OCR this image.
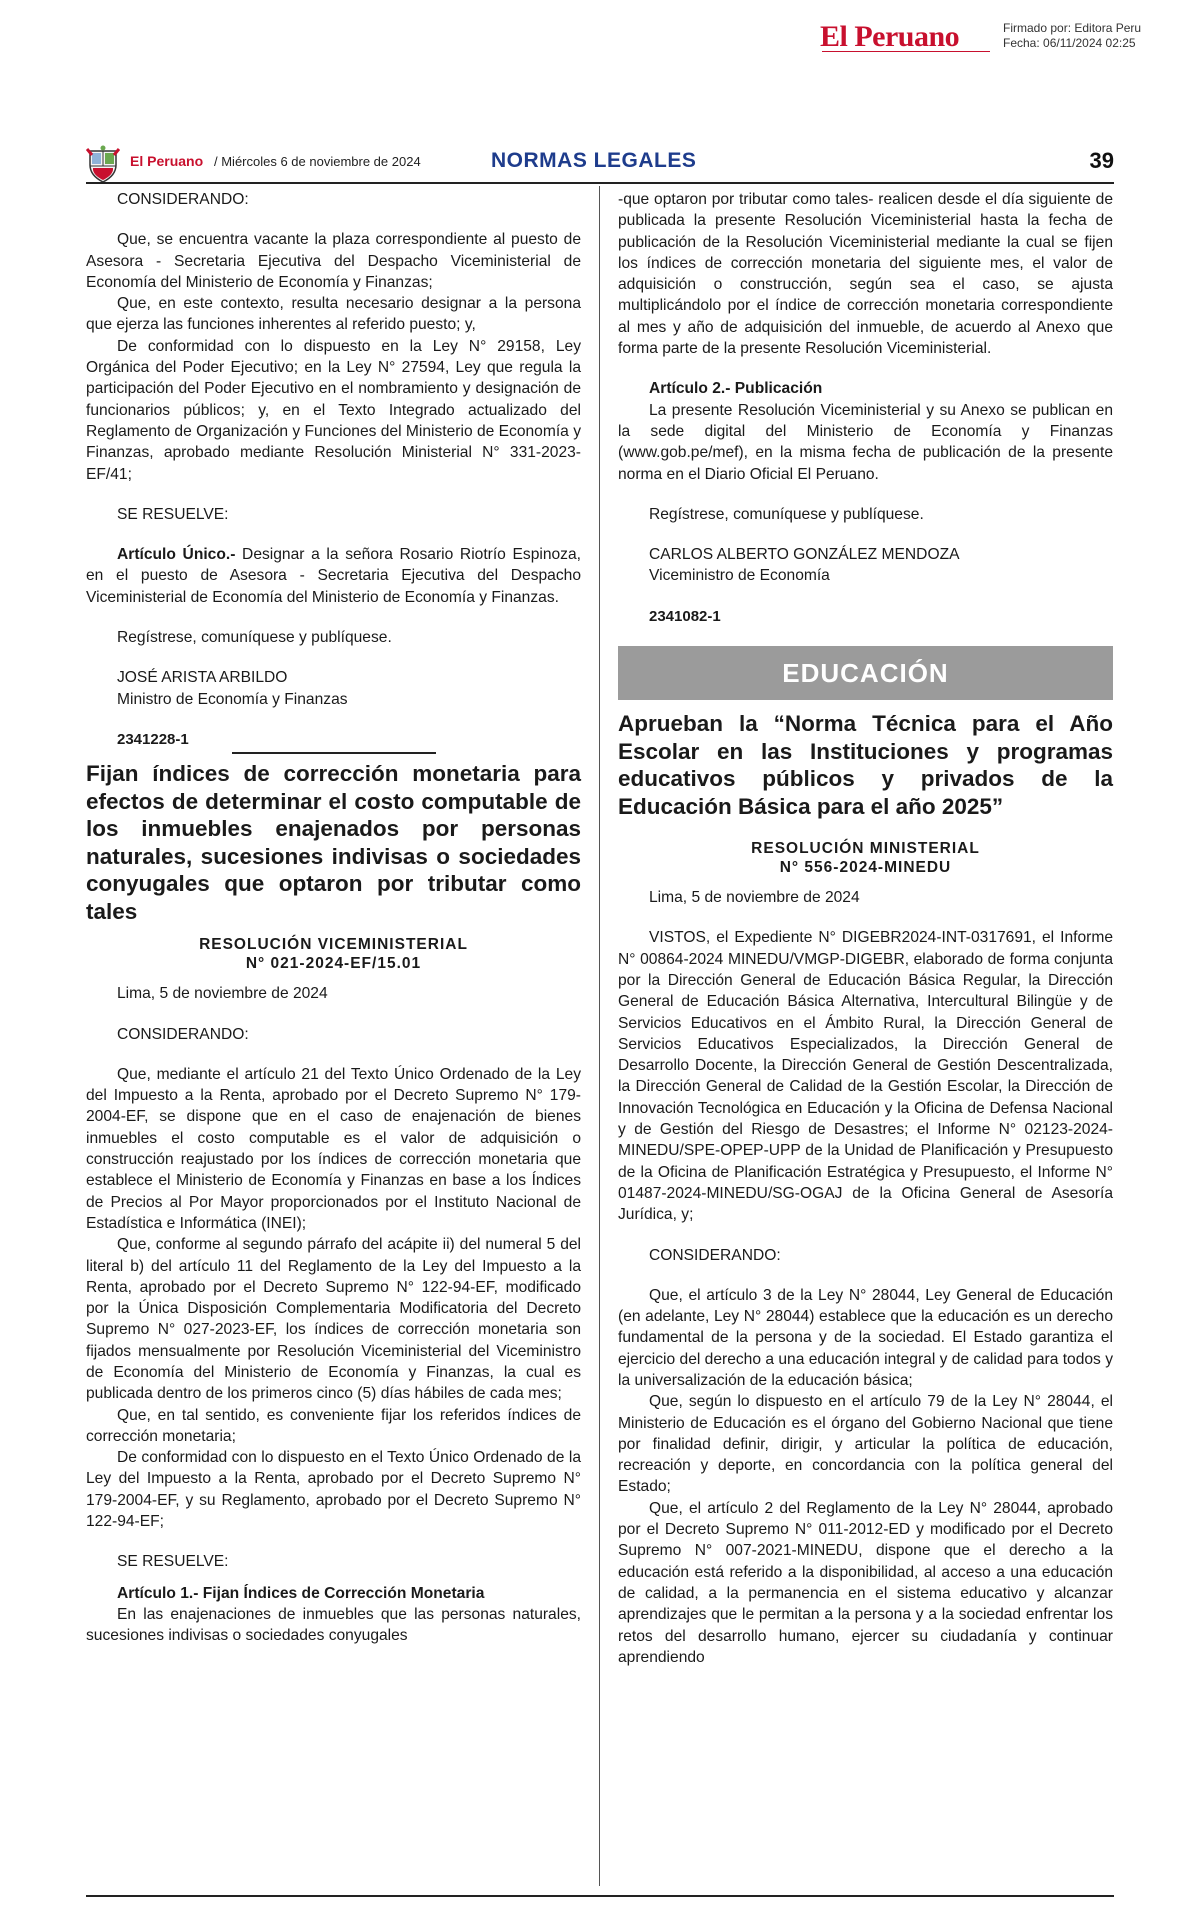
El Peruano	Firmado por: Editora Peru
Fecha: 06/11/2024 02:25
El Peruano / Miércoles 6 de noviembre de 2024	NORMAS LEGALES	39

CONSIDERANDO:

Que, se encuentra vacante la plaza correspondiente al puesto de Asesora - Secretaria Ejecutiva del Despacho Viceministerial de Economía del Ministerio de Economía y Finanzas;

Que, en este contexto, resulta necesario designar a la persona que ejerza las funciones inherentes al referido puesto; y,

De conformidad con lo dispuesto en la Ley N° 29158, Ley Orgánica del Poder Ejecutivo; en la Ley N° 27594, Ley que regula la participación del Poder Ejecutivo en el nombramiento y designación de funcionarios públicos; y, en el Texto Integrado actualizado del Reglamento de Organización y Funciones del Ministerio de Economía y Finanzas, aprobado mediante Resolución Ministerial N° 331-2023-EF/41;

SE RESUELVE:

Artículo Único.- Designar a la señora Rosario Riotrío Espinoza, en el puesto de Asesora - Secretaria Ejecutiva del Despacho Viceministerial de Economía del Ministerio de Economía y Finanzas.

Regístrese, comuníquese y publíquese.

JOSÉ ARISTA ARBILDO

Ministro de Economía y Finanzas

2341228-1

Fijan índices de corrección monetaria para efectos de determinar el costo computable de los inmuebles enajenados por personas naturales, sucesiones indivisas o sociedades conyugales que optaron por tributar como tales

RESOLUCIÓN VICEMINISTERIAL
N° 021-2024-EF/15.01

Lima, 5 de noviembre de 2024

CONSIDERANDO:

Que, mediante el artículo 21 del Texto Único Ordenado de la Ley del Impuesto a la Renta, aprobado por el Decreto Supremo N° 179-2004-EF, se dispone que en el caso de enajenación de bienes inmuebles el costo computable es el valor de adquisición o construcción reajustado por los índices de corrección monetaria que establece el Ministerio de Economía y Finanzas en base a los Índices de Precios al Por Mayor proporcionados por el Instituto Nacional de Estadística e Informática (INEI);

Que, conforme al segundo párrafo del acápite ii) del numeral 5 del literal b) del artículo 11 del Reglamento de la Ley del Impuesto a la Renta, aprobado por el Decreto Supremo N° 122-94-EF, modificado por la Única Disposición Complementaria Modificatoria del Decreto Supremo N° 027-2023-EF, los índices de corrección monetaria son fijados mensualmente por Resolución Viceministerial del Viceministro de Economía del Ministerio de Economía y Finanzas, la cual es publicada dentro de los primeros cinco (5) días hábiles de cada mes;

Que, en tal sentido, es conveniente fijar los referidos índices de corrección monetaria;

De conformidad con lo dispuesto en el Texto Único Ordenado de la Ley del Impuesto a la Renta, aprobado por el Decreto Supremo N° 179-2004-EF, y su Reglamento, aprobado por el Decreto Supremo N° 122-94-EF;

SE RESUELVE:

Artículo 1.- Fijan Índices de Corrección Monetaria

En las enajenaciones de inmuebles que las personas naturales, sucesiones indivisas o sociedades conyugales

-que optaron por tributar como tales- realicen desde el día siguiente de publicada la presente Resolución Viceministerial hasta la fecha de publicación de la Resolución Viceministerial mediante la cual se fijen los índices de corrección monetaria del siguiente mes, el valor de adquisición o construcción, según sea el caso, se ajusta multiplicándolo por el índice de corrección monetaria correspondiente al mes y año de adquisición del inmueble, de acuerdo al Anexo que forma parte de la presente Resolución Viceministerial.

Artículo 2.- Publicación

La presente Resolución Viceministerial y su Anexo se publican en la sede digital del Ministerio de Economía y Finanzas (www.gob.pe/mef), en la misma fecha de publicación de la presente norma en el Diario Oficial El Peruano.

Regístrese, comuníquese y publíquese.

CARLOS ALBERTO GONZÁLEZ MENDOZA

Viceministro de Economía

2341082-1

EDUCACIÓN

Aprueban la “Norma Técnica para el Año Escolar en las Instituciones y programas educativos públicos y privados de la Educación Básica para el año 2025”

RESOLUCIÓN MINISTERIAL
N° 556-2024-MINEDU

Lima, 5 de noviembre de 2024

VISTOS, el Expediente N° DIGEBR2024-INT-0317691, el Informe N° 00864-2024 MINEDU/VMGP-DIGEBR, elaborado de forma conjunta por la Dirección General de Educación Básica Regular, la Dirección General de Educación Básica Alternativa, Intercultural Bilingüe y de Servicios Educativos en el Ámbito Rural, la Dirección General de Servicios Educativos Especializados, la Dirección General de Desarrollo Docente, la Dirección General de Gestión Descentralizada, la Dirección General de Calidad de la Gestión Escolar, la Dirección de Innovación Tecnológica en Educación y la Oficina de Defensa Nacional y de Gestión del Riesgo de Desastres; el Informe N° 02123-2024-MINEDU/SPE-OPEP-UPP de la Unidad de Planificación y Presupuesto de la Oficina de Planificación Estratégica y Presupuesto, el Informe N° 01487-2024-MINEDU/SG-OGAJ de la Oficina General de Asesoría Jurídica, y;

CONSIDERANDO:

Que, el artículo 3 de la Ley N° 28044, Ley General de Educación (en adelante, Ley N° 28044) establece que la educación es un derecho fundamental de la persona y de la sociedad. El Estado garantiza el ejercicio del derecho a una educación integral y de calidad para todos y la universalización de la educación básica;

Que, según lo dispuesto en el artículo 79 de la Ley N° 28044, el Ministerio de Educación es el órgano del Gobierno Nacional que tiene por finalidad definir, dirigir, y articular la política de educación, recreación y deporte, en concordancia con la política general del Estado;

Que, el artículo 2 del Reglamento de la Ley N° 28044, aprobado por el Decreto Supremo N° 011-2012-ED y modificado por el Decreto Supremo N° 007-2021-MINEDU, dispone que el derecho a la educación está referido a la disponibilidad, al acceso a una educación de calidad, a la permanencia en el sistema educativo y alcanzar aprendizajes que le permitan a la persona y a la sociedad enfrentar los retos del desarrollo humano, ejercer su ciudadanía y continuar aprendiendo
